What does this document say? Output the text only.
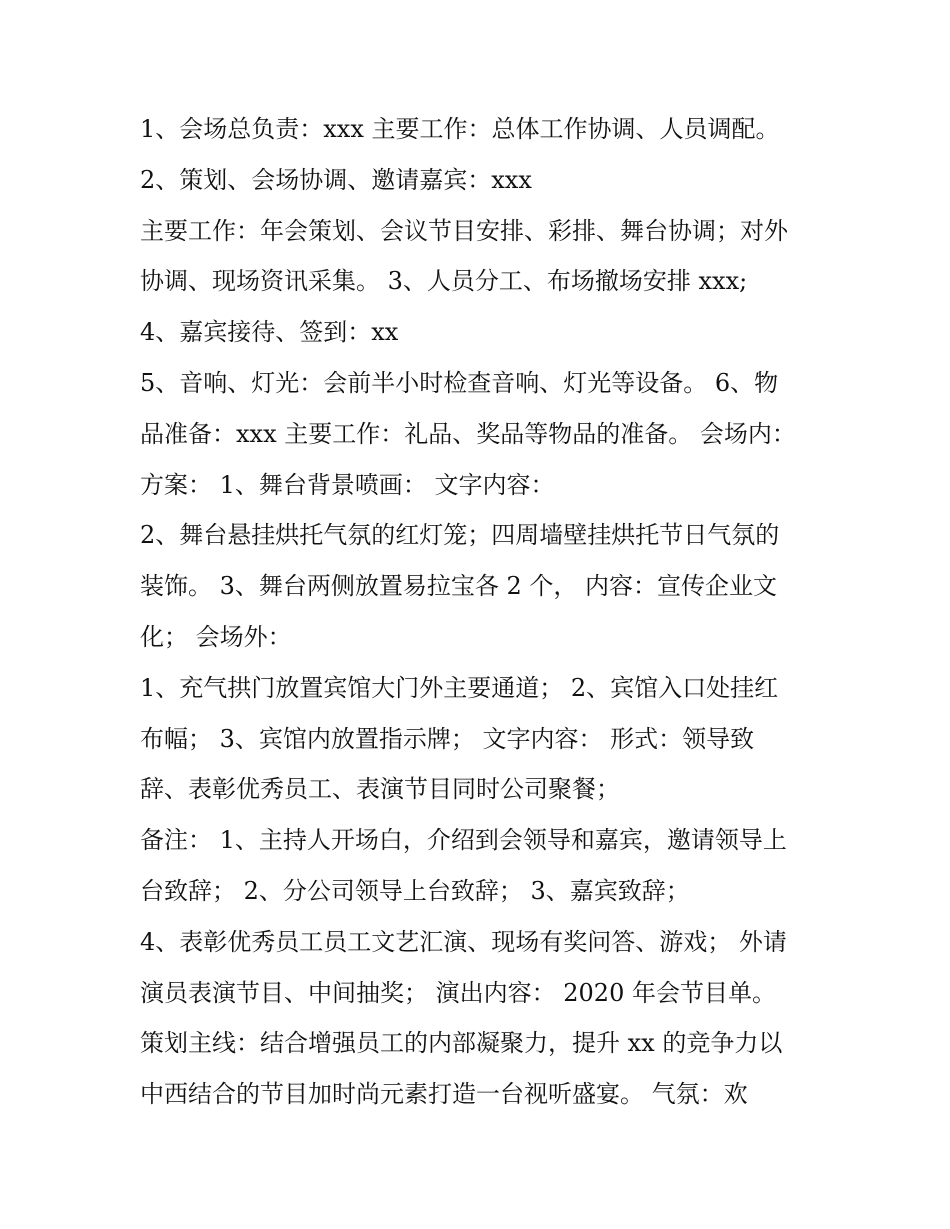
1、会场总负责：xxx 主要工作：总体工作协调、人员调配。
2、策划、会场协调、邀请嘉宾：xxx
主要工作：年会策划、会议节目安排、彩排、舞台协调；对外
协调、现场资讯采集。 3、人员分工、布场撤场安排 xxx;
4、嘉宾接待、签到：xx
5、音响、灯光：会前半小时检查音响、灯光等设备。 6、物
品准备：xxx 主要工作：礼品、奖品等物品的准备。 会场内：
方案： 1、舞台背景喷画： 文字内容：
2、舞台悬挂烘托气氛的红灯笼；四周墙壁挂烘托节日气氛的
装饰。 3、舞台两侧放置易拉宝各 2 个， 内容：宣传企业文
化； 会场外：
1、充气拱门放置宾馆大门外主要通道； 2、宾馆入口处挂红
布幅； 3、宾馆内放置指示牌； 文字内容： 形式：领导致
辞、表彰优秀员工、表演节目同时公司聚餐；
备注： 1、主持人开场白，介绍到会领导和嘉宾，邀请领导上
台致辞； 2、分公司领导上台致辞； 3、嘉宾致辞；
4、表彰优秀员工员工文艺汇演、现场有奖问答、游戏； 外请
演员表演节目、中间抽奖； 演出内容： 2020 年会节目单。
策划主线：结合增强员工的内部凝聚力，提升 xx 的竞争力以
中西结合的节目加时尚元素打造一台视听盛宴。 气氛：欢
